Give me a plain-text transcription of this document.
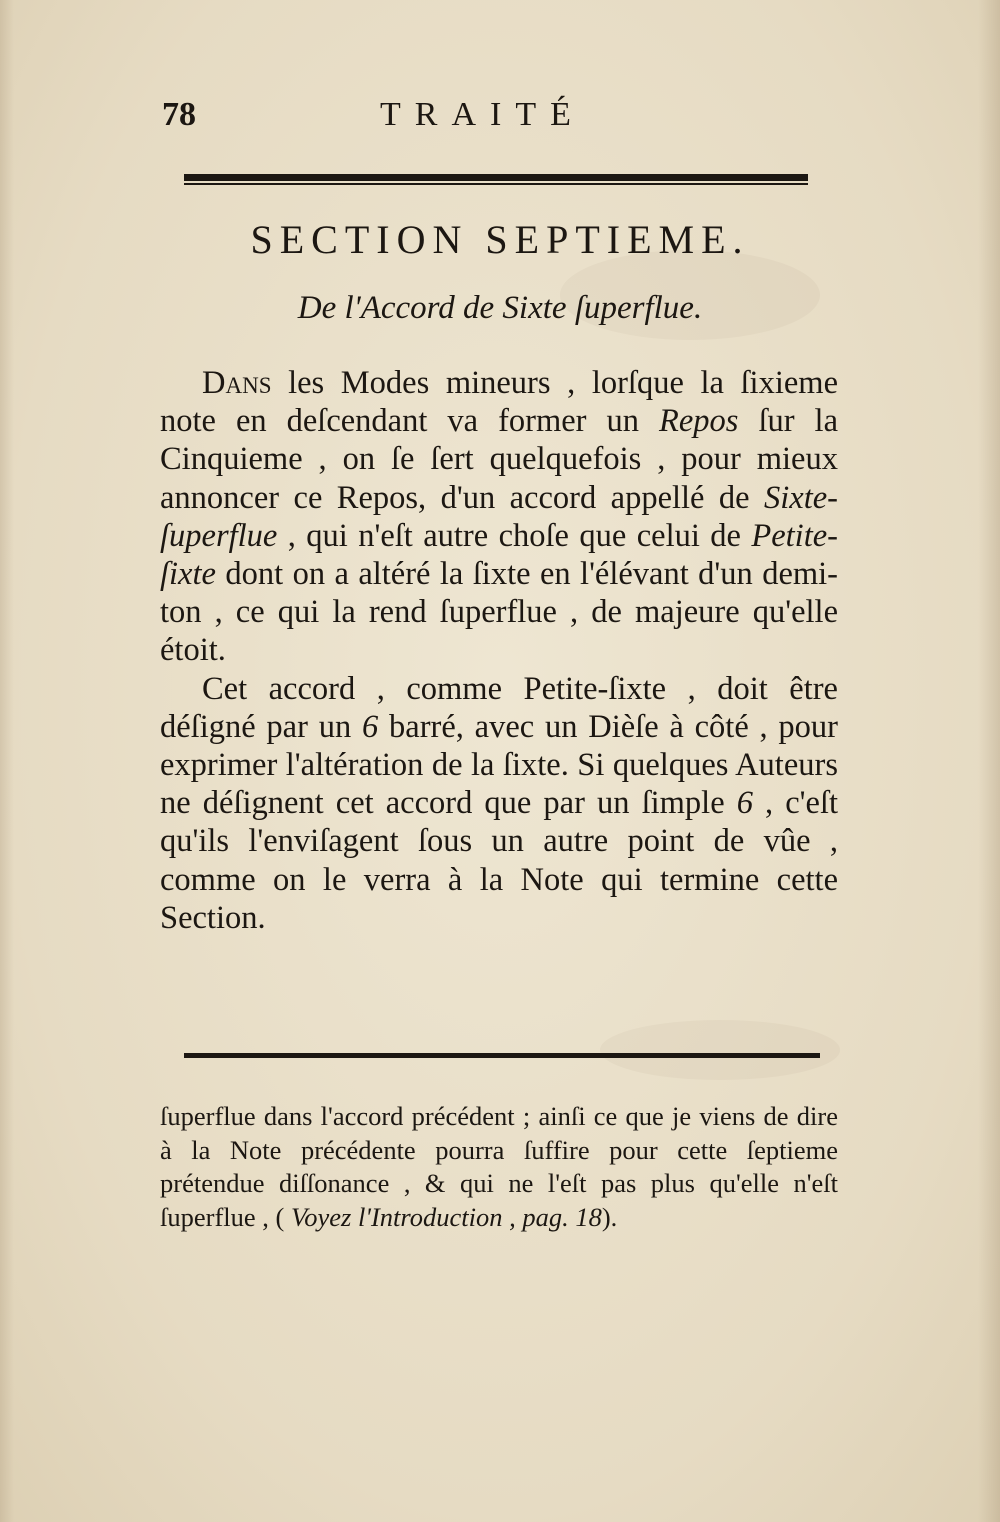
78	TRAITÉ
SECTION SEPTIEME.
De l'Accord de Sixte ſuperflue.

Dans les Modes mineurs , lorſque la ſixieme note en deſcendant va former un Repos ſur la Cinquieme , on ſe ſert quelquefois , pour mieux annoncer ce Repos, d'un accord appellé de Sixte-ſuperflue , qui n'eſt autre choſe que celui de Petite-ſixte dont on a altéré la ſixte en l'élévant d'un demi-ton , ce qui la rend ſuperflue , de majeure qu'elle étoit.

Cet accord , comme Petite-ſixte , doit être déſigné par un 6 barré, avec un Dièſe à côté , pour exprimer l'altération de la ſixte. Si quelques Auteurs ne déſignent cet accord que par un ſimple 6 , c'eſt qu'ils l'enviſagent ſous un autre point de vûe , comme on le verra à la Note qui termine cette Section.

ſuperflue dans l'accord précédent ; ainſi ce que je viens de dire à la Note précédente pourra ſuffire pour cette ſeptieme prétendue diſſonance , & qui ne l'eſt pas plus qu'elle n'eſt ſuperflue , ( Voyez l'Introduction , pag. 18).
